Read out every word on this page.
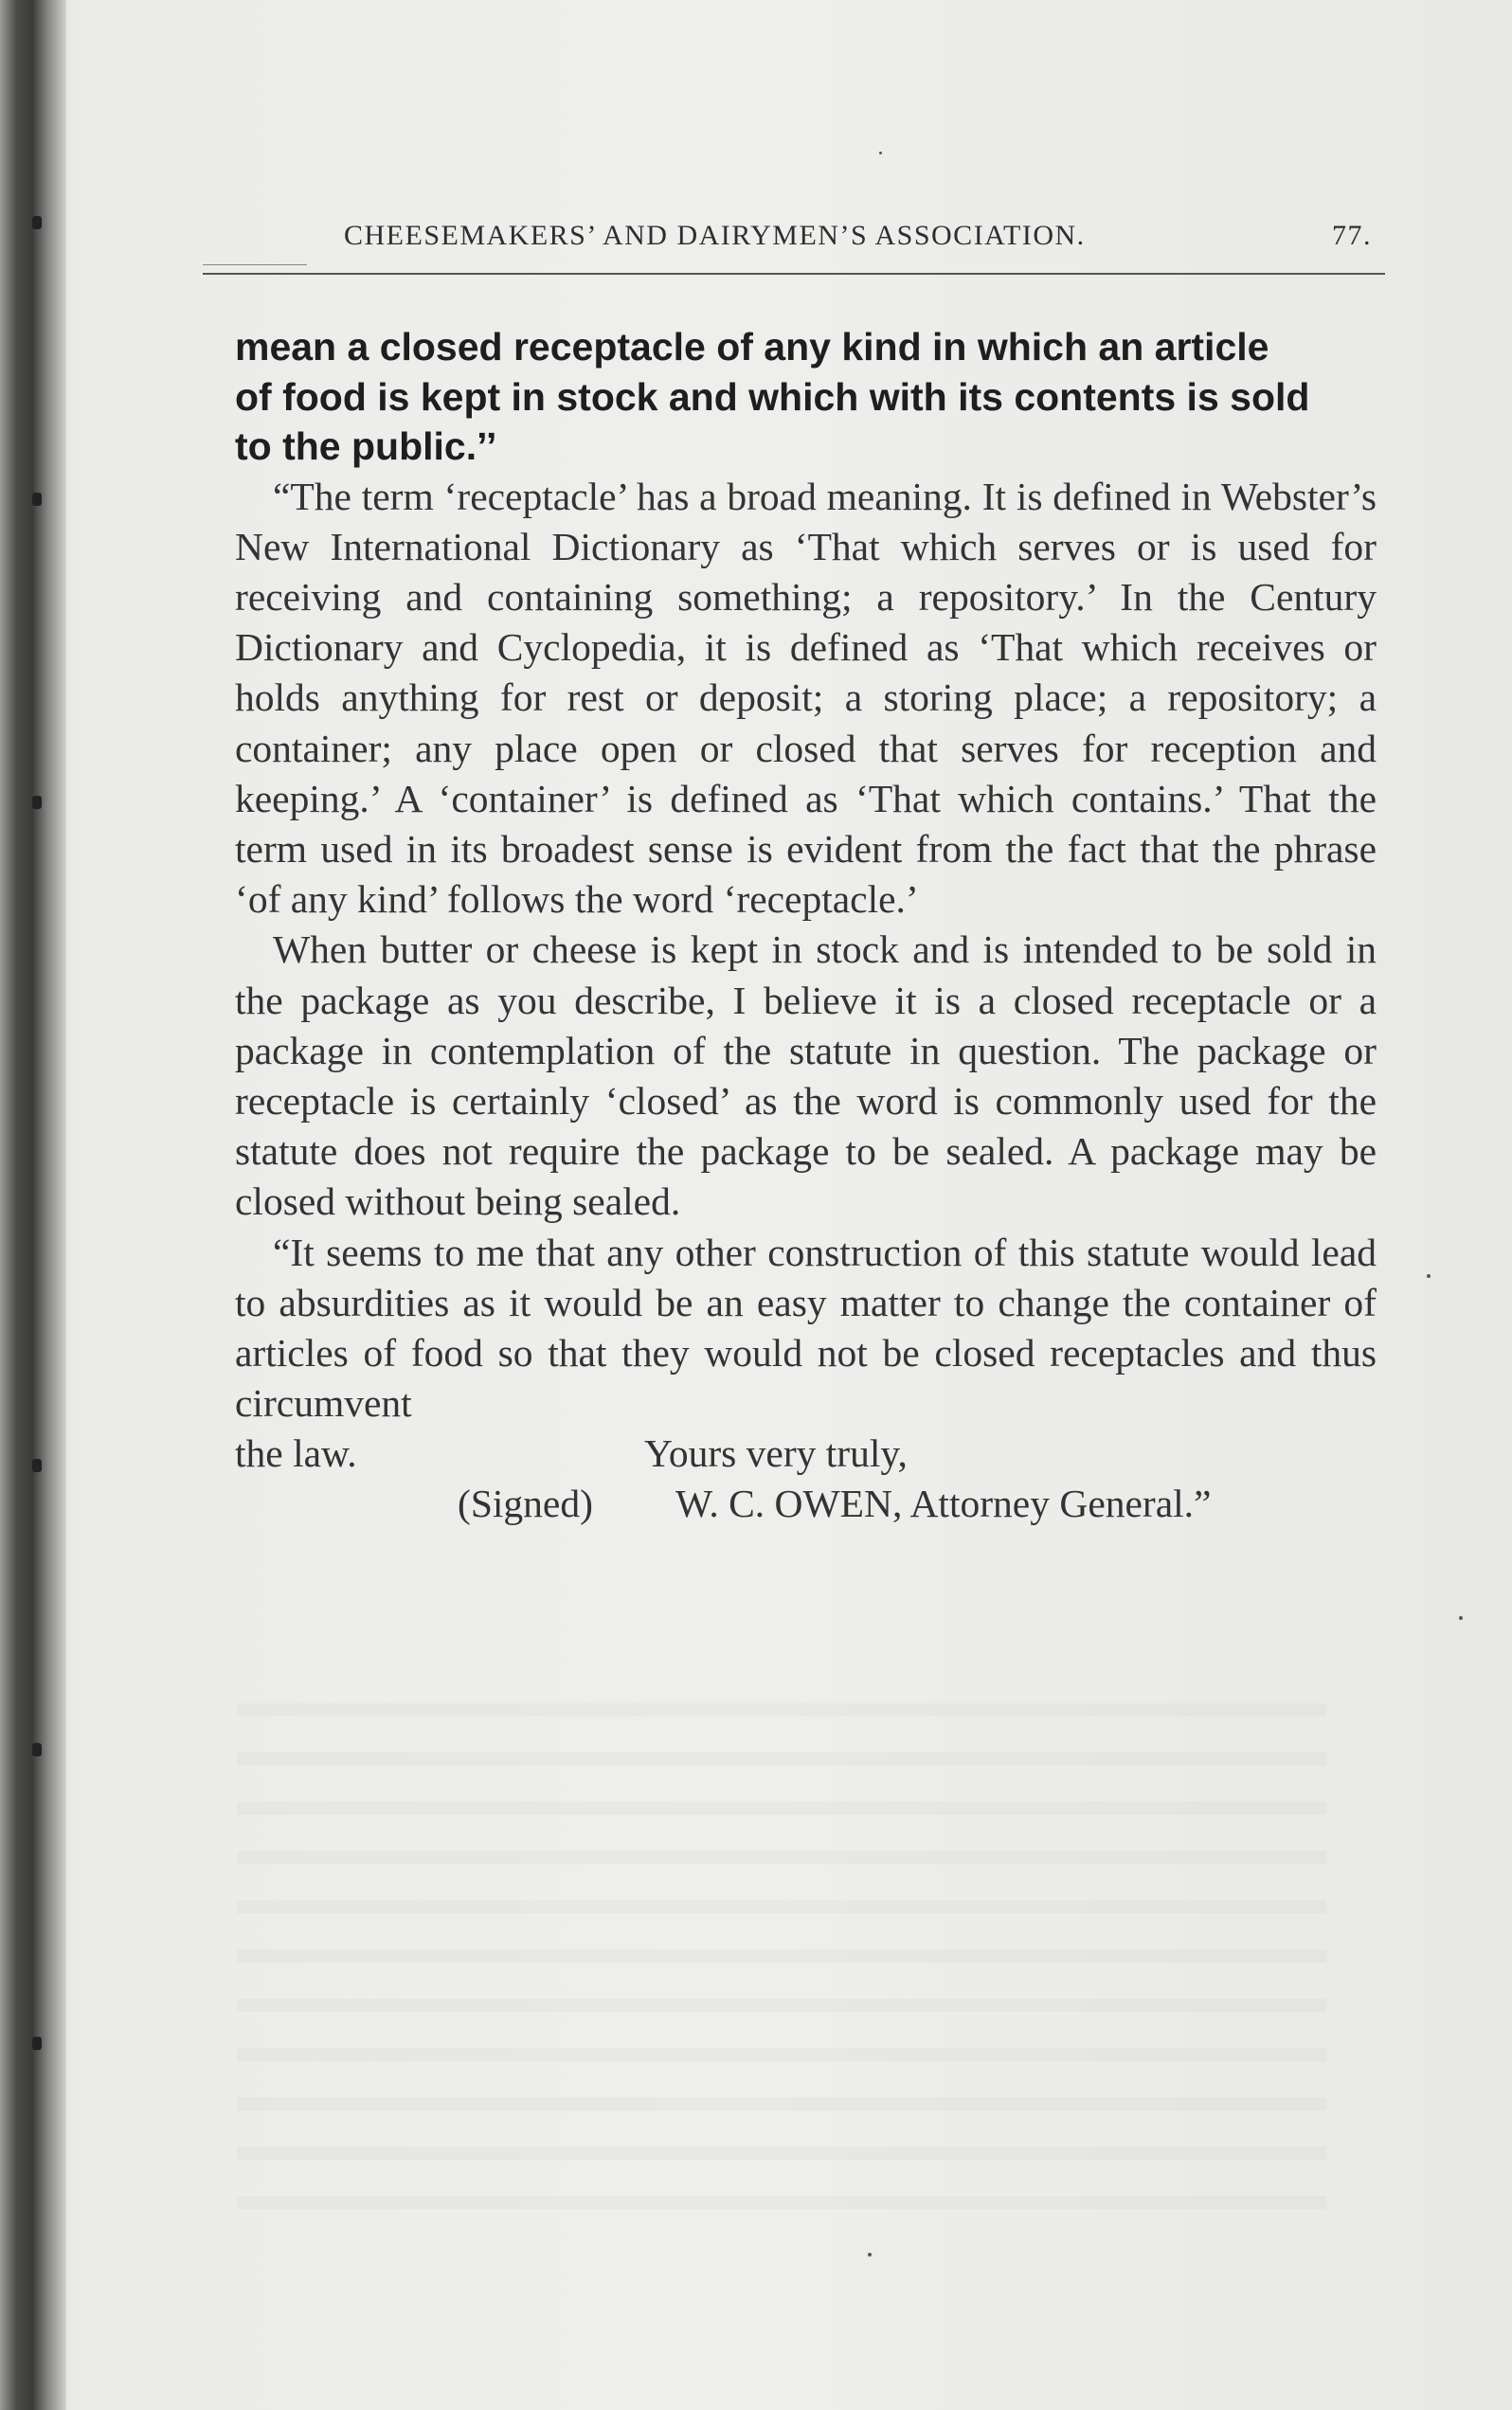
CHEESEMAKERS’ AND DAIRYMEN’S ASSOCIATION.	77.

mean a closed receptacle of any kind in which an article
of food is kept in stock and which with its contents is sold
to the public.’’

“The term ‘receptacle’ has a broad meaning. It is defined in Webster’s New International Dictionary as ‘That which serves or is used for receiving and containing something; a repository.’ In the Century Dictionary and Cyclopedia, it is defined as ‘That which receives or holds anything for rest or deposit; a storing place; a repository; a container; any place open or closed that serves for reception and keeping.’ A ‘container’ is defined as ‘That which contains.’ That the term used in its broadest sense is evident from the fact that the phrase ‘of any kind’ follows the word ‘receptacle.’

When butter or cheese is kept in stock and is intended to be sold in the package as you describe, I believe it is a closed receptacle or a package in contemplation of the statute in question. The package or receptacle is certainly ‘closed’ as the word is commonly used for the statute does not require the package to be sealed. A package may be closed without being sealed.

“It seems to me that any other construction of this statute would lead to absurdities as it would be an easy matter to change the container of articles of food so that they would not be closed receptacles and thus circumvent

the law.	Yours very truly,
(Signed) W. C. OWEN, Attorney General.”
